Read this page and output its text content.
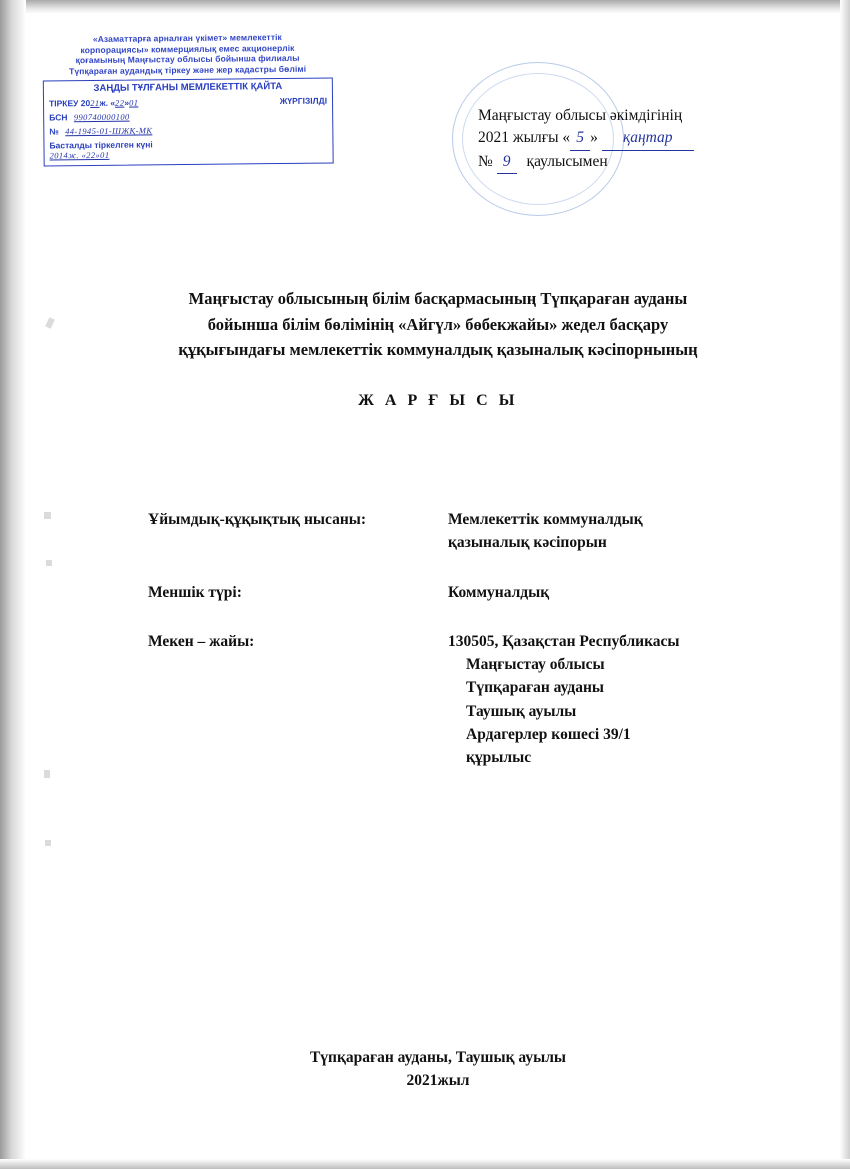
«Азаматтарға арналған үкімет» мемлекеттік
корпорациясы» коммерциялық емес акционерлік
қоғамының Маңғыстау облысы бойынша филиалы
Түпқараған аудандық тіркеу және жер кадастры бөлімі
ЗАҢДЫ ТҰЛҒАНЫ МЕМЛЕКЕТТІК ҚАЙТА
ТІРКЕУ 2021ж. «22»01	ЖҮРГІЗІЛДІ
БСН 990740000100
№ 44-1945-01-ШЖҚ-МК
Басталды тіркелген күні
2014ж. «22»01
Маңғыстау облысы әкімдігінің
2021 жылғы « 5 » қаңтар
№ 9 қаулысымен
Маңғыстау облысының білім басқармасының Түпқараған ауданы
бойынша білім бөлімінің «Айгүл» бөбекжайы» жедел басқару
құқығындағы мемлекеттік коммуналдық қазыналық кәсіпорнының
Ж А Р Ғ Ы С Ы
Ұйымдық-құқықтық нысаны:	Мемлекеттік коммуналдық
қазыналық кәсіпорын
Меншік түрі:	Коммуналдық
Мекен – жайы:	130505, Қазақстан Республикасы
Маңғыстау облысы
Түпқараған ауданы
Таушық ауылы
Ардагерлер көшесі 39/1
құрылыс
Түпқараған ауданы, Таушық ауылы
2021жыл
